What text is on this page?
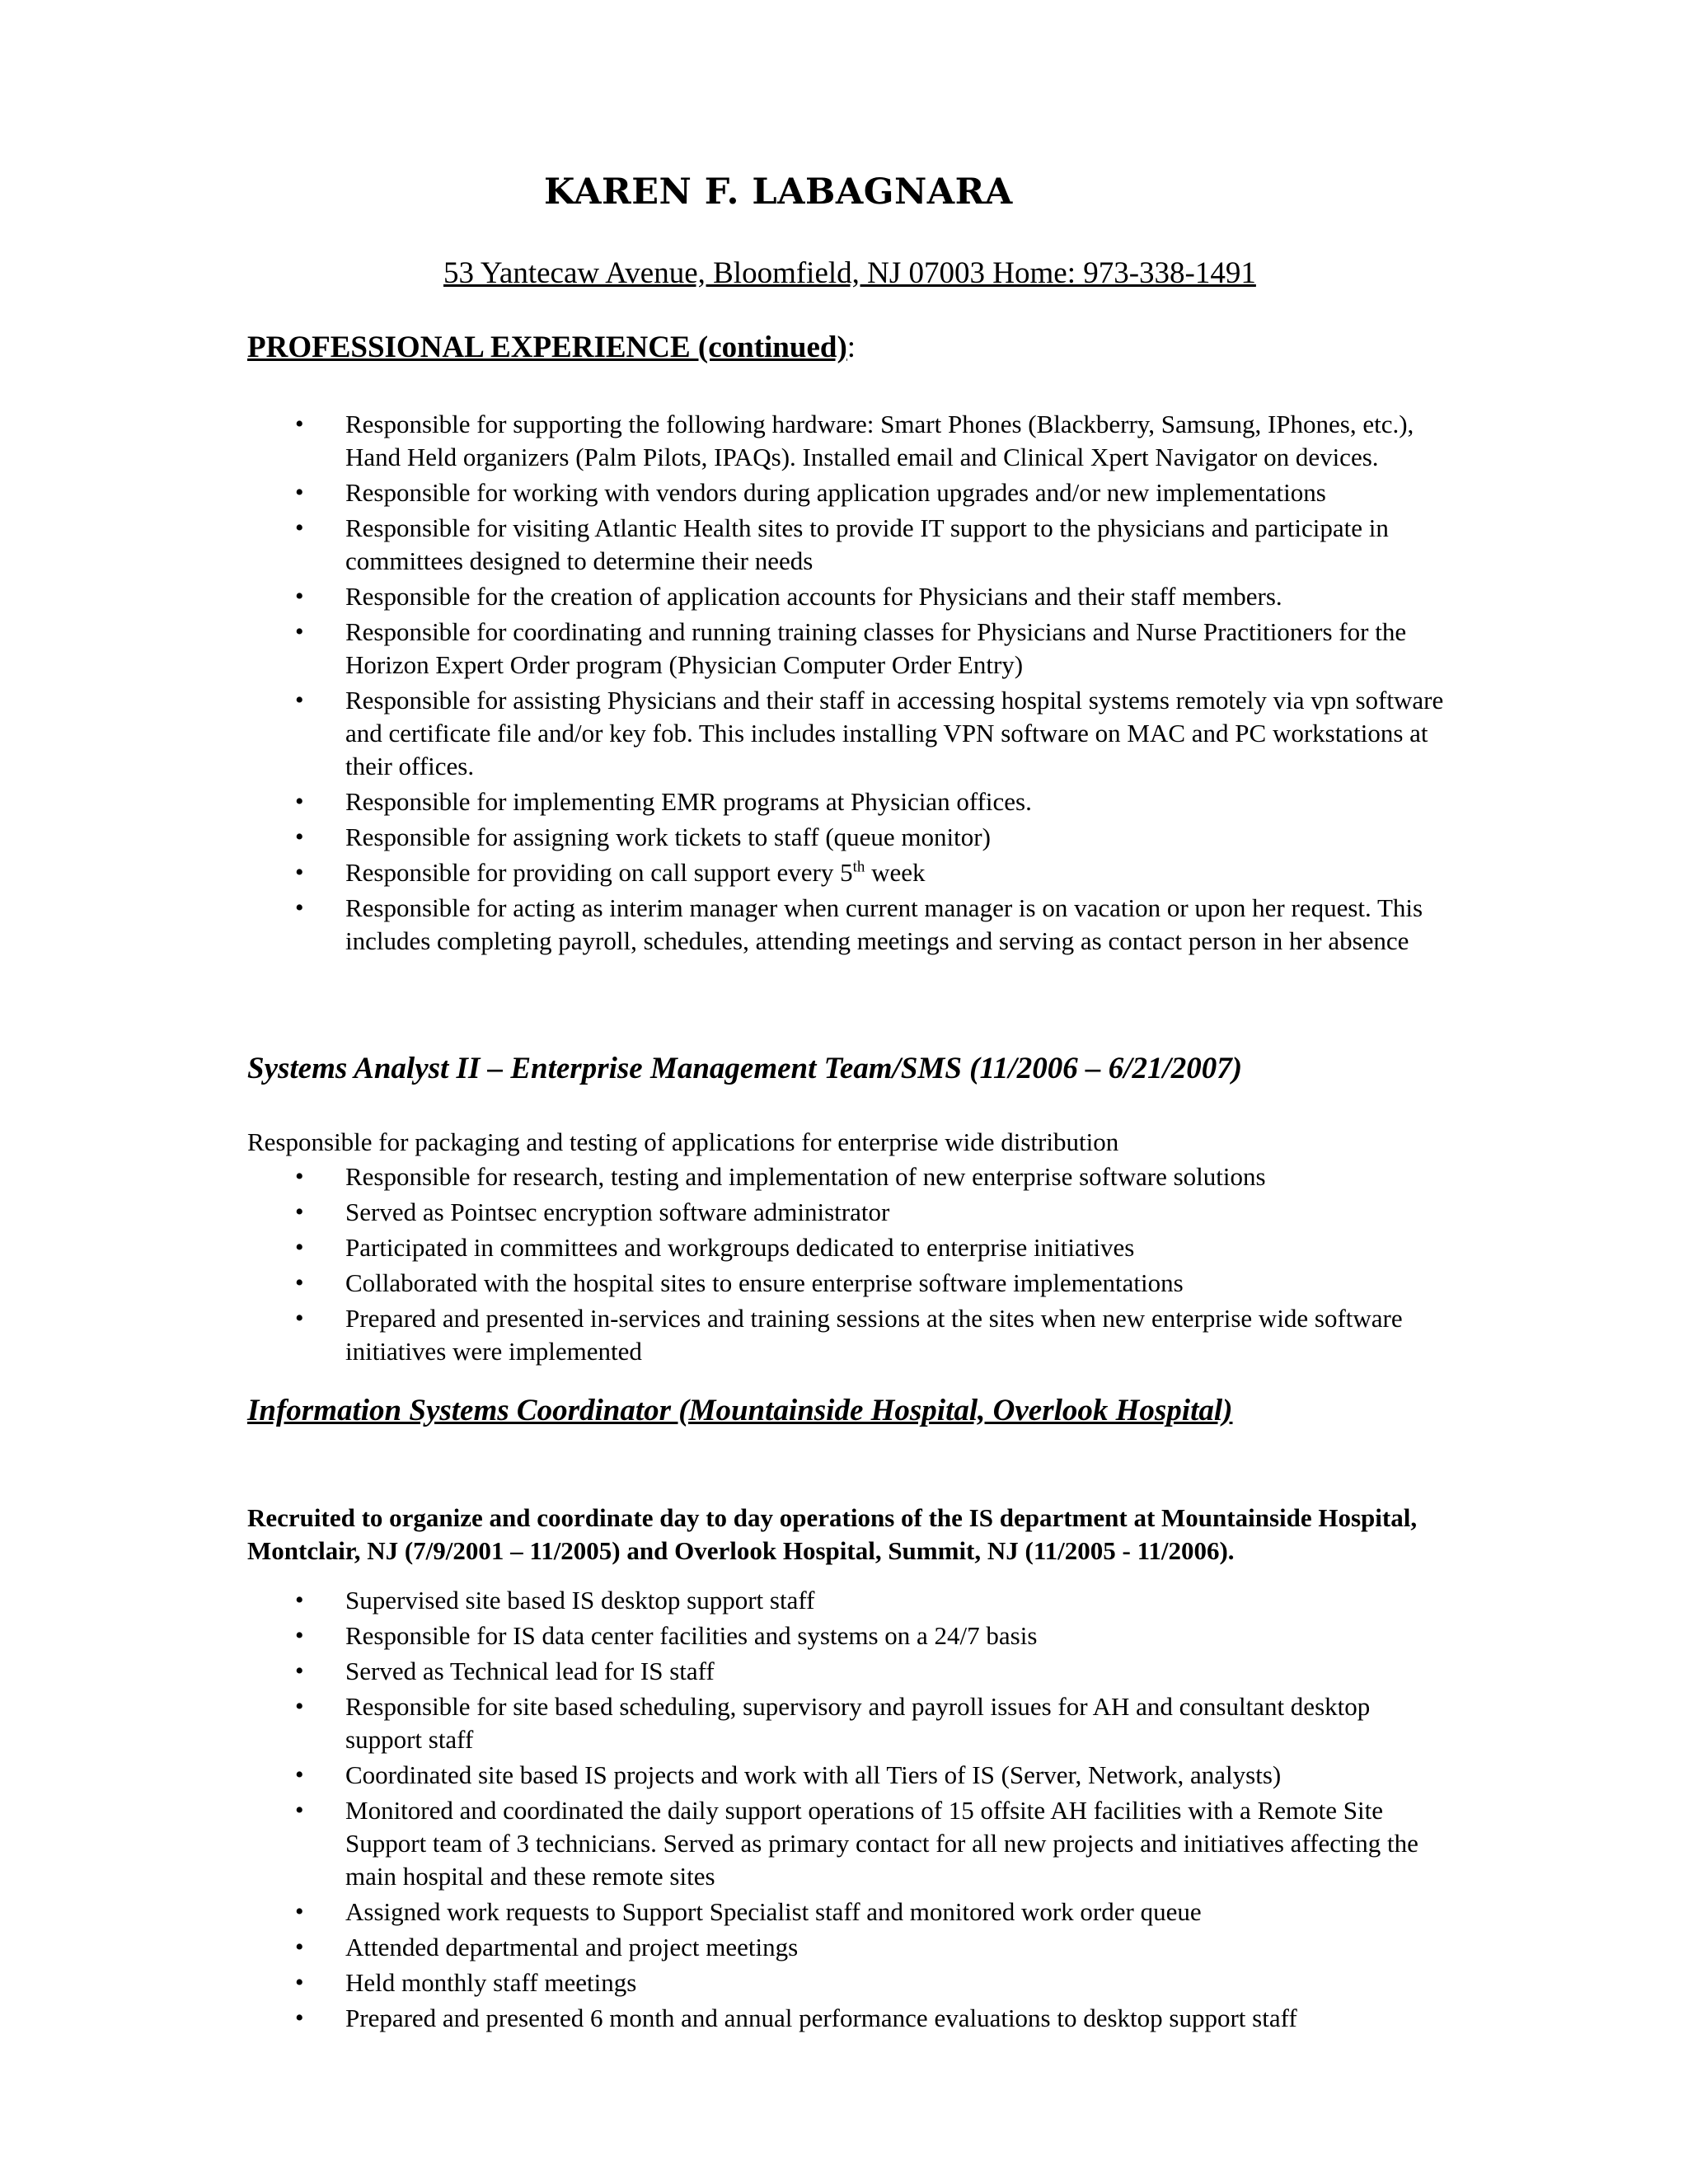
KAREN F. LABAGNARA
53 Yantecaw Avenue, Bloomfield, NJ 07003 Home: 973-338-1491
PROFESSIONAL EXPERIENCE (continued):
• Responsible for supporting the following hardware: Smart Phones (Blackberry, Samsung, IPhones, etc.), Hand Held organizers (Palm Pilots, IPAQs). Installed email and Clinical Xpert Navigator on devices.
• Responsible for working with vendors during application upgrades and/or new implementations
• Responsible for visiting Atlantic Health sites to provide IT support to the physicians and participate in committees designed to determine their needs
• Responsible for the creation of application accounts for Physicians and their staff members.
• Responsible for coordinating and running training classes for Physicians and Nurse Practitioners for the Horizon Expert Order program (Physician Computer Order Entry)
• Responsible for assisting Physicians and their staff in accessing hospital systems remotely via vpn software and certificate file and/or key fob. This includes installing VPN software on MAC and PC workstations at their offices.
• Responsible for implementing EMR programs at Physician offices.
• Responsible for assigning work tickets to staff (queue monitor)
• Responsible for providing on call support every 5th week
• Responsible for acting as interim manager when current manager is on vacation or upon her request. This includes completing payroll, schedules, attending meetings and serving as contact person in her absence
Systems Analyst II – Enterprise Management Team/SMS (11/2006 – 6/21/2007)
Responsible for packaging and testing of applications for enterprise wide distribution
• Responsible for research, testing and implementation of new enterprise software solutions
• Served as Pointsec encryption software administrator
• Participated in committees and workgroups dedicated to enterprise initiatives
• Collaborated with the hospital sites to ensure enterprise software implementations
• Prepared and presented in-services and training sessions at the sites when new enterprise wide software initiatives were implemented
Information Systems Coordinator (Mountainside Hospital, Overlook Hospital)
Recruited to organize and coordinate day to day operations of the IS department at Mountainside Hospital, Montclair, NJ (7/9/2001 – 11/2005) and Overlook Hospital, Summit, NJ (11/2005 - 11/2006).
• Supervised site based IS desktop support staff
• Responsible for IS data center facilities and systems on a 24/7 basis
• Served as Technical lead for IS staff
• Responsible for site based scheduling, supervisory and payroll issues for AH and consultant desktop support staff
• Coordinated site based IS projects and work with all Tiers of IS (Server, Network, analysts)
• Monitored and coordinated the daily support operations of 15 offsite AH facilities with a Remote Site Support team of 3 technicians. Served as primary contact for all new projects and initiatives affecting the main hospital and these remote sites
• Assigned work requests to Support Specialist staff and monitored work order queue
• Attended departmental and project meetings
• Held monthly staff meetings
• Prepared and presented 6 month and annual performance evaluations to desktop support staff
